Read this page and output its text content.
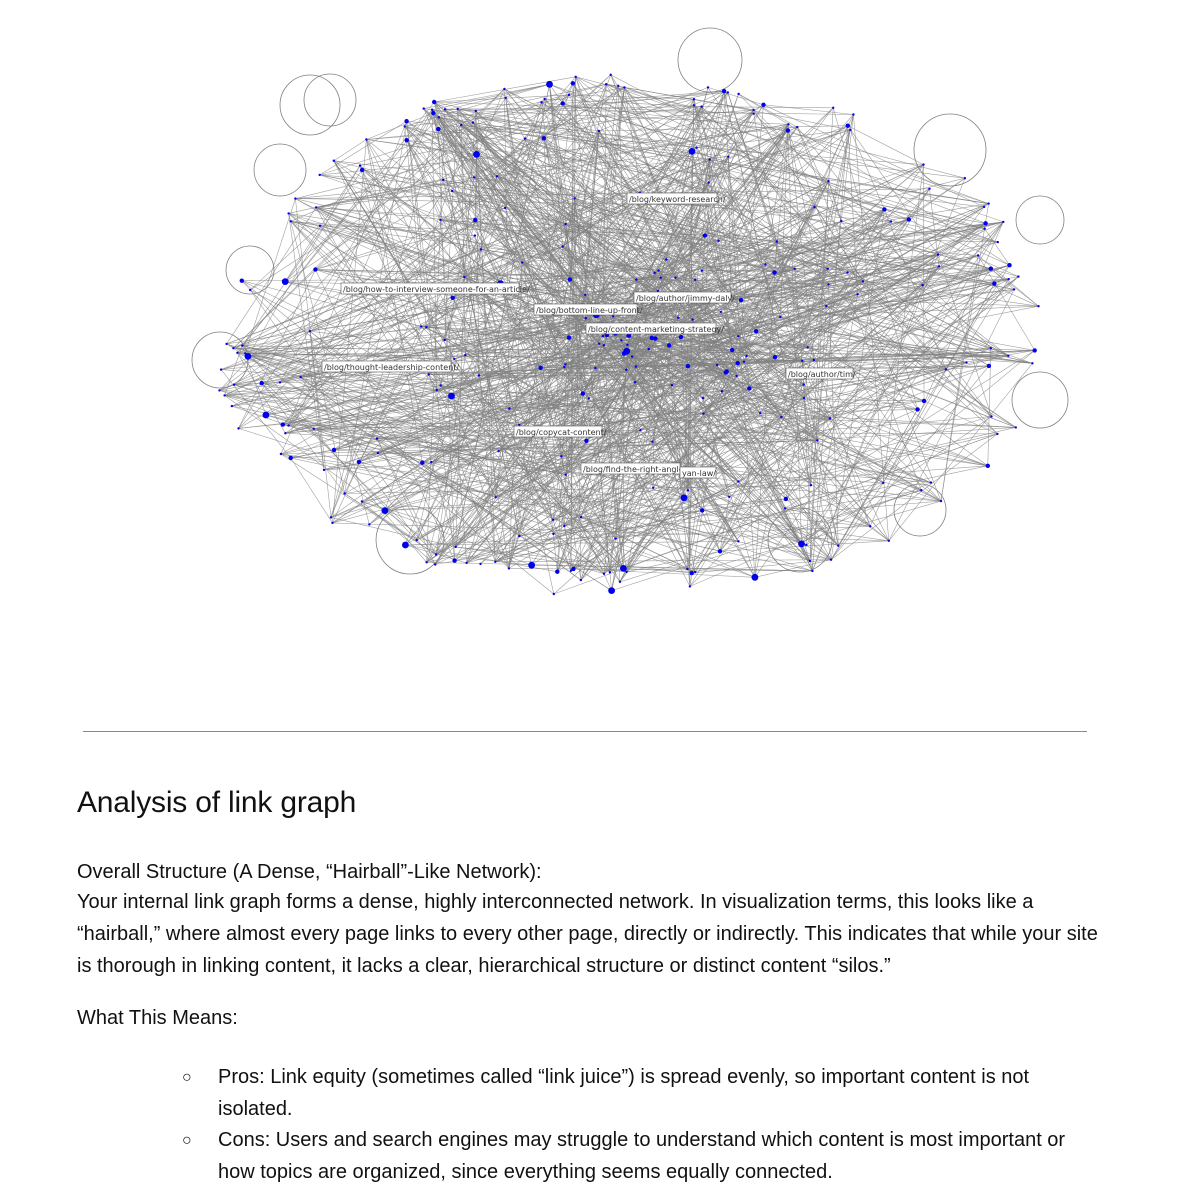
/blog/keyword-research/
/blog/how-to-interview-someone-for-an-article/
/blog/author/jimmy-daly/
/blog/bottom-line-up-front/
/blog/content-marketing-strategy/
/blog/thought-leadership-content/
/blog/author/tim/
/blog/copycat-content/
/blog/find-the-right-angle/
yan-law/
Analysis of link graph

Overall Structure (A Dense, “Hairball”-Like Network):

Your internal link graph forms a dense, highly interconnected network. In visualization terms, this looks like a “hairball,” where almost every page links to every other page, directly or indirectly. This indicates that while your site is thorough in linking content, it lacks a clear, hierarchical structure or distinct content “silos.”

What This Means:

○ Pros: Link equity (sometimes called “link juice”) is spread evenly, so important content is not isolated.
○ Cons: Users and search engines may struggle to understand which content is most important or how topics are organized, since everything seems equally connected.
